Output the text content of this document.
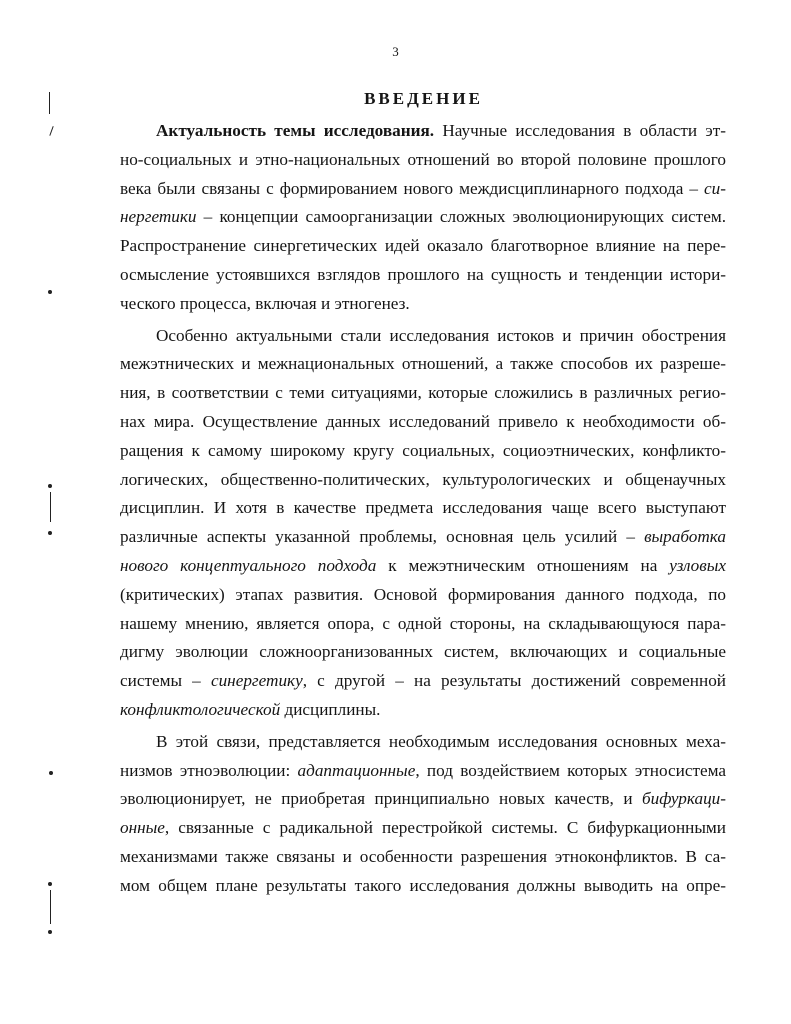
3
ВВЕДЕНИЕ
Актуальность темы исследования. Научные исследования в области эт-
но-социальных и этно-национальных отношений во второй половине прошлого
века были связаны с формированием нового междисциплинарного подхода – си-
нергетики – концепции самоорганизации сложных эволюционирующих систем.
Распространение синергетических идей оказало благотворное влияние на пере-
осмысление устоявшихся взглядов прошлого на сущность и тенденции истори-
ческого процесса, включая и этногенез.
Особенно актуальными стали исследования истоков и причин обострения
межэтнических и межнациональных отношений, а также способов их разреше-
ния, в соответствии с теми ситуациями, которые сложились в различных регио-
нах мира. Осуществление данных исследований привело к необходимости об-
ращения к самому широкому кругу социальных, социоэтнических, конфликто-
логических, общественно-политических, культурологических и общенаучных
дисциплин. И хотя в качестве предмета исследования чаще всего выступают
различные аспекты указанной проблемы, основная цель усилий – выработка
нового концептуального подхода к межэтническим отношениям на узловых
(критических) этапах развития. Основой формирования данного подхода, по
нашему мнению, является опора, с одной стороны, на складывающуюся пара-
дигму эволюции сложноорганизованных систем, включающих и социальные
системы – синергетику, с другой – на результаты достижений современной
конфликтологической дисциплины.
В этой связи, представляется необходимым исследования основных меха-
низмов этноэволюции: адаптационные, под воздействием которых этносистема
эволюционирует, не приобретая принципиально новых качеств, и бифуркаци-
онные, связанные с радикальной перестройкой системы. С бифуркационными
механизмами также связаны и особенности разрешения этноконфликтов. В са-
мом общем плане результаты такого исследования должны выводить на опре-
